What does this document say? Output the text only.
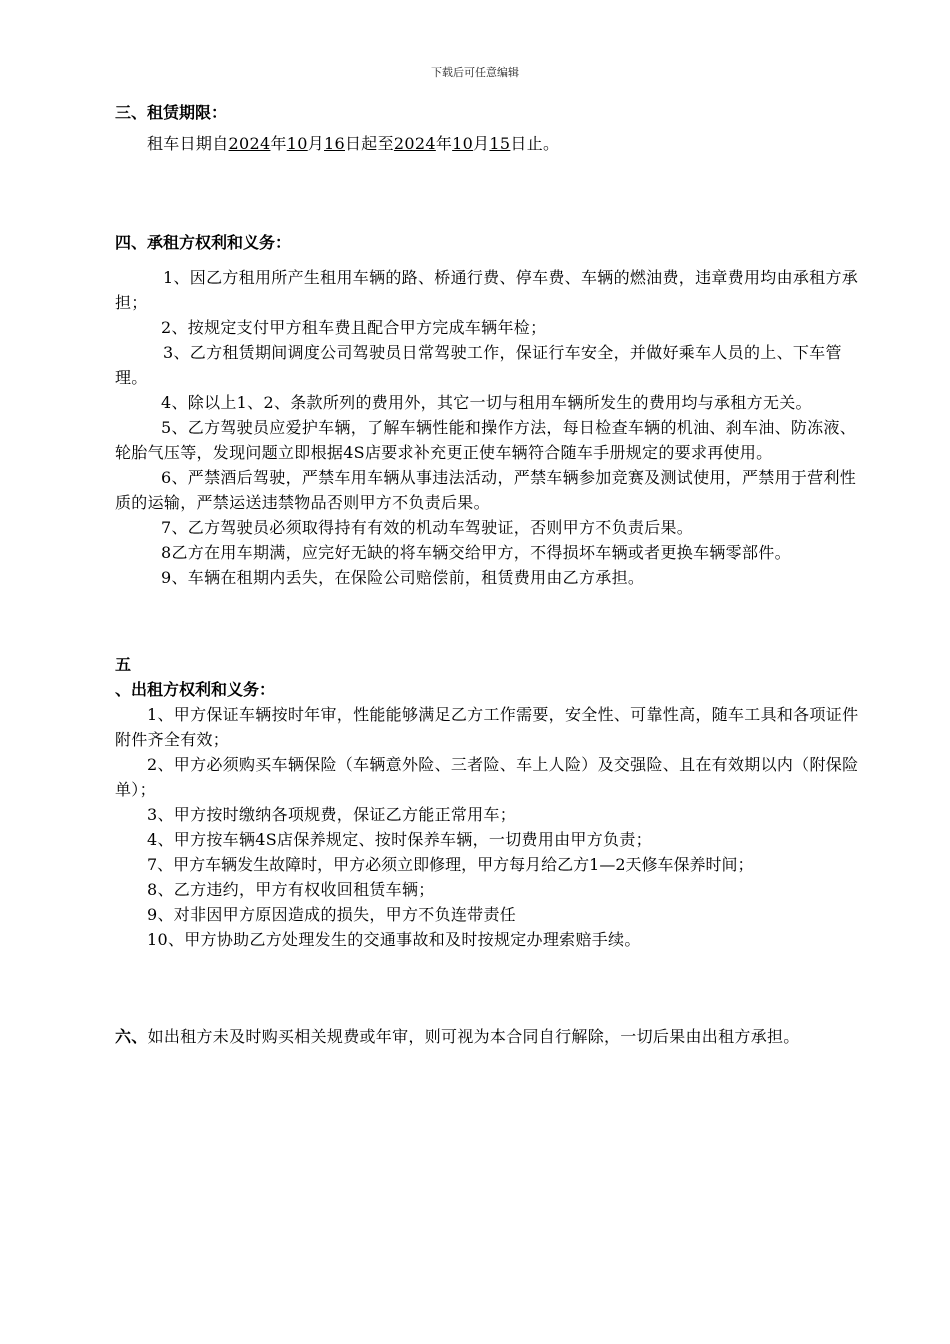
下载后可任意编辑

三、租赁期限：

租车日期自2024年10月16日起至2024年10月15日止。

四、承租方权利和义务：

1、因乙方租用所产生租用车辆的路、桥通行费、停车费、车辆的燃油费，违章费用均由承租方承担；

2、按规定支付甲方租车费且配合甲方完成车辆年检；

3、乙方租赁期间调度公司驾驶员日常驾驶工作，保证行车安全，并做好乘车人员的上、下车管理。

4、除以上1、2、条款所列的费用外，其它一切与租用车辆所发生的费用均与承租方无关。

5、乙方驾驶员应爱护车辆，了解车辆性能和操作方法，每日检查车辆的机油、刹车油、防冻液、轮胎气压等，发现问题立即根据4S店要求补充更正使车辆符合随车手册规定的要求再使用。

6、严禁酒后驾驶，严禁车用车辆从事违法活动，严禁车辆参加竞赛及测试使用，严禁用于营利性质的运输，严禁运送违禁物品否则甲方不负责后果。

7、乙方驾驶员必须取得持有有效的机动车驾驶证，否则甲方不负责后果。

8乙方在用车期满，应完好无缺的将车辆交给甲方，不得损坏车辆或者更换车辆零部件。

9、车辆在租期内丢失，在保险公司赔偿前，租赁费用由乙方承担。

五

、出租方权利和义务：

1、甲方保证车辆按时年审，性能能够满足乙方工作需要，安全性、可靠性高，随车工具和各项证件附件齐全有效；

2、甲方必须购买车辆保险（车辆意外险、三者险、车上人险）及交强险、且在有效期以内（附保险单）；

3、甲方按时缴纳各项规费，保证乙方能正常用车；

4、甲方按车辆4S店保养规定、按时保养车辆，一切费用由甲方负责；

7、甲方车辆发生故障时，甲方必须立即修理，甲方每月给乙方1—2天修车保养时间；

8、乙方违约，甲方有权收回租赁车辆；

9、对非因甲方原因造成的损失，甲方不负连带责任

10、甲方协助乙方处理发生的交通事故和及时按规定办理索赔手续。

六、如出租方未及时购买相关规费或年审，则可视为本合同自行解除，一切后果由出租方承担。
